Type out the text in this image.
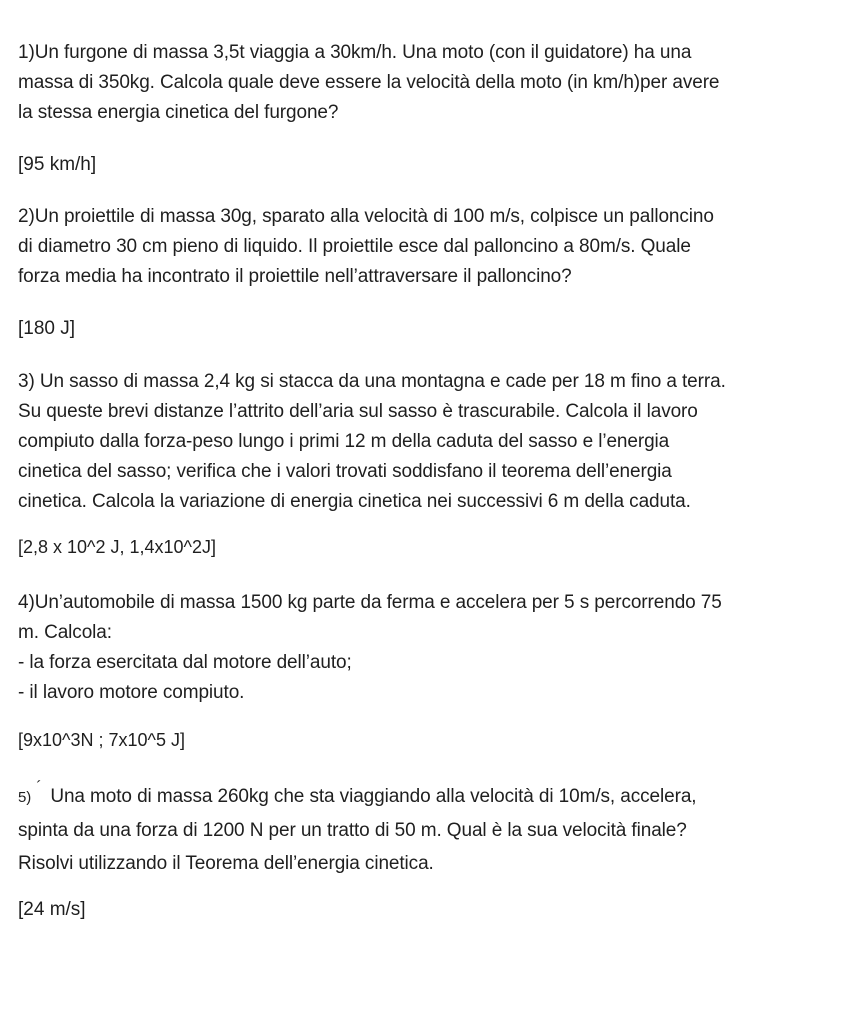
1)Un furgone di massa 3,5t viaggia a 30km/h. Una moto (con il guidatore) ha una
massa di 350kg. Calcola quale deve essere la velocità della moto (in km/h)per avere
la stessa energia cinetica del furgone?
[95 km/h]
2)Un proiettile di massa 30g, sparato alla velocità di 100 m/s, colpisce un palloncino
di diametro 30 cm pieno di liquido. Il proiettile esce dal palloncino a 80m/s. Quale
forza media ha incontrato il proiettile nell’attraversare il palloncino?
[180 J]
3) Un sasso di massa 2,4 kg si stacca da una montagna e cade per 18 m fino a terra.
Su queste brevi distanze l’attrito dell’aria sul sasso è trascurabile. Calcola il lavoro
compiuto dalla forza-peso lungo i primi 12 m della caduta del sasso e l’energia
cinetica del sasso; verifica che i valori trovati soddisfano il teorema dell’energia
cinetica. Calcola la variazione di energia cinetica nei successivi 6 m della caduta.
[2,8 x 10^2 J, 1,4x10^2J]
4)Un’automobile di massa 1500 kg parte da ferma e accelera per 5 s percorrendo 75
m. Calcola:
- la forza esercitata dal motore dell’auto;
- il lavoro motore compiuto.
[9x10^3N ; 7x10^5 J]
5) ´ Una moto di massa 260kg che sta viaggiando alla velocità di 10m/s, accelera,
spinta da una forza di 1200 N per un tratto di 50 m. Qual è la sua velocità finale?
Risolvi utilizzando il Teorema dell’energia cinetica.
[24 m/s]
